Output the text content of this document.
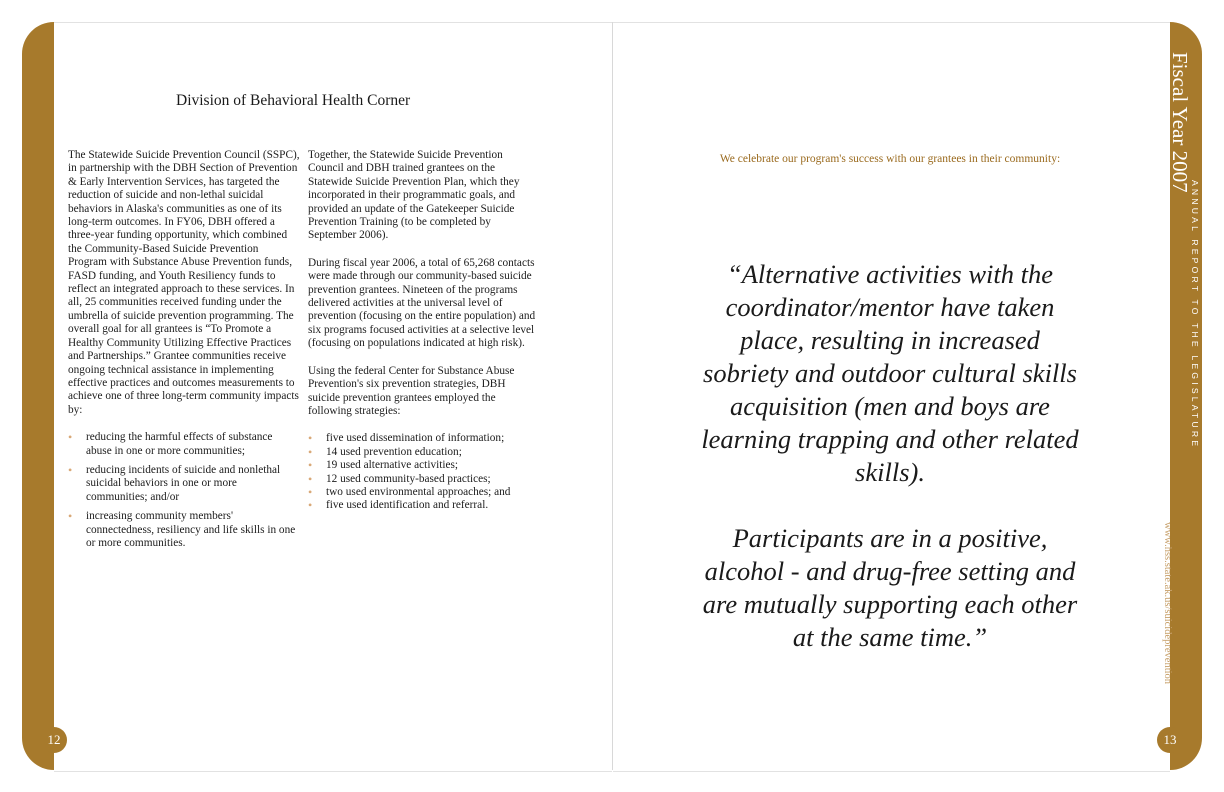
Division of Behavioral Health Corner

The Statewide Suicide Prevention Council (SSPC), in partnership with the DBH Section of Prevention & Early Intervention Services, has targeted the reduction of suicide and non-lethal suicidal behaviors in Alaska's communities as one of its long-term outcomes. In FY06, DBH offered a three-year funding opportunity, which combined the Community-Based Suicide Prevention Program with Substance Abuse Prevention funds, FASD funding, and Youth Resiliency funds to reflect an integrated approach to these services. In all, 25 communities received funding under the umbrella of suicide prevention programming. The overall goal for all grantees is “To Promote a Healthy Community Utilizing Effective Practices and Partnerships.” Grantee communities receive ongoing technical assistance in implementing effective practices and outcomes measurements to achieve one of three long-term community impacts by:

• reducing the harmful effects of substance abuse in one or more communities;
• reducing incidents of suicide and nonlethal suicidal behaviors in one or more communities; and/or
• increasing community members' connectedness, resiliency and life skills in one or more communities.

Together, the Statewide Suicide Prevention Council and DBH trained grantees on the Statewide Suicide Prevention Plan, which they incorporated in their programmatic goals, and provided an update of the Gatekeeper Suicide Prevention Training (to be completed by September 2006).

During fiscal year 2006, a total of 65,268 contacts were made through our community-based suicide prevention grantees. Nineteen of the programs delivered activities at the universal level of prevention (focusing on the entire population) and six programs focused activities at a selective level (focusing on populations indicated at high risk).

Using the federal Center for Substance Abuse Prevention's six prevention strategies, DBH suicide prevention grantees employed the following strategies:

• five used dissemination of information;
• 14 used prevention education;
• 19 used alternative activities;
• 12 used community-based practices;
• two used environmental approaches; and
• five used identification and referral.
We celebrate our program's success with our grantees in their community:

“Alternative activities with the coordinator/mentor have taken place, resulting in increased sobriety and outdoor cultural skills acquisition (men and boys are learning trapping and other related skills).

Participants are in a positive, alcohol - and drug-free setting and are mutually supporting each other at the same time.”

Fiscal Year 2007
ANNUAL REPORT TO THE LEGISLATURE
www.hss.state.ak.us/suicideprevention
12	13
